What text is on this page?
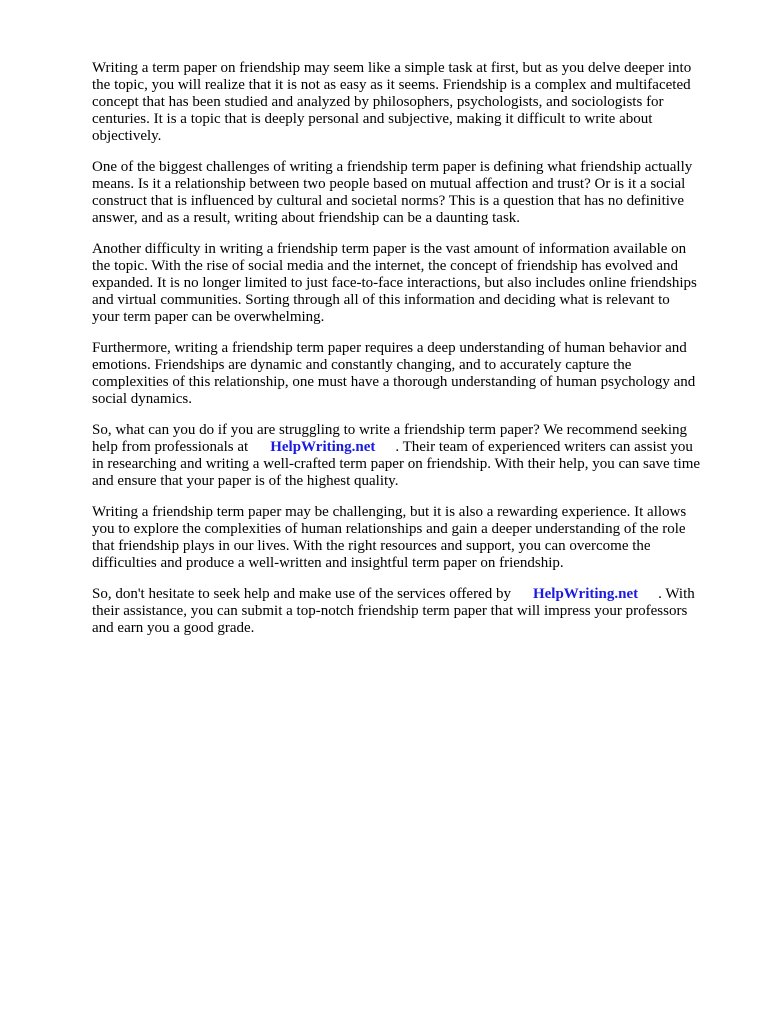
Writing a term paper on friendship may seem like a simple task at first, but as you delve deeper into
the topic, you will realize that it is not as easy as it seems. Friendship is a complex and multifaceted
concept that has been studied and analyzed by philosophers, psychologists, and sociologists for
centuries. It is a topic that is deeply personal and subjective, making it difficult to write about
objectively.

One of the biggest challenges of writing a friendship term paper is defining what friendship actually
means. Is it a relationship between two people based on mutual affection and trust? Or is it a social
construct that is influenced by cultural and societal norms? This is a question that has no definitive
answer, and as a result, writing about friendship can be a daunting task.

Another difficulty in writing a friendship term paper is the vast amount of information available on
the topic. With the rise of social media and the internet, the concept of friendship has evolved and
expanded. It is no longer limited to just face-to-face interactions, but also includes online friendships
and virtual communities. Sorting through all of this information and deciding what is relevant to
your term paper can be overwhelming.

Furthermore, writing a friendship term paper requires a deep understanding of human behavior and
emotions. Friendships are dynamic and constantly changing, and to accurately capture the
complexities of this relationship, one must have a thorough understanding of human psychology and
social dynamics.

So, what can you do if you are struggling to write a friendship term paper? We recommend seeking
help from professionals at HelpWriting.net . Their team of experienced writers can assist you
in researching and writing a well-crafted term paper on friendship. With their help, you can save time
and ensure that your paper is of the highest quality.

Writing a friendship term paper may be challenging, but it is also a rewarding experience. It allows
you to explore the complexities of human relationships and gain a deeper understanding of the role
that friendship plays in our lives. With the right resources and support, you can overcome the
difficulties and produce a well-written and insightful term paper on friendship.

So, don't hesitate to seek help and make use of the services offered by HelpWriting.net . With
their assistance, you can submit a top-notch friendship term paper that will impress your professors
and earn you a good grade.
